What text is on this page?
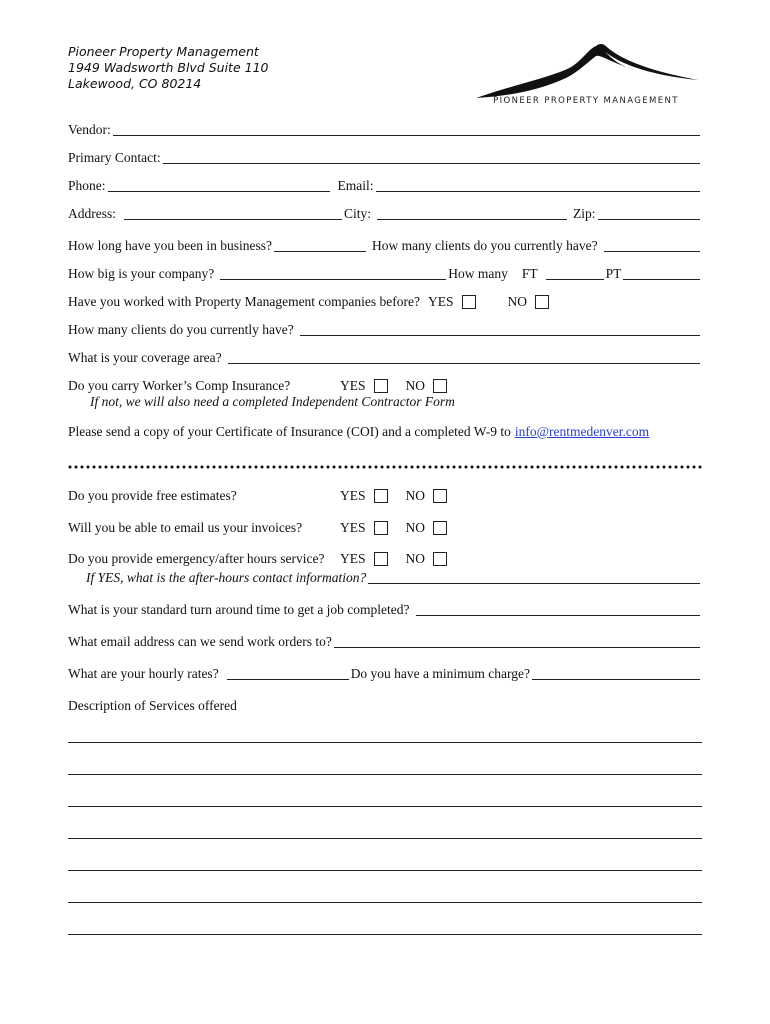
Pioneer Property Management
1949 Wadsworth Blvd Suite 110
Lakewood, CO 80214
PIONEER PROPERTY MANAGEMENT
Vendor:
Primary Contact:
Phone:	Email:
Address:	City:	Zip:
How long have you been in business?	How many clients do you currently have?
How big is your company?	How many FT	PT
Have you worked with Property Management companies before? YES	NO
How many clients do you currently have?
What is your coverage area?
Do you carry Worker’s Comp Insurance?	YES	NO
If not, we will also need a completed Independent Contractor Form
Please send a copy of your Certificate of Insurance (COI) and a completed W-9 to info@rentmedenver.com
Do you provide free estimates?	YES	NO
Will you be able to email us your invoices?	YES	NO
Do you provide emergency/after hours service?	YES	NO
If YES, what is the after-hours contact information?
What is your standard turn around time to get a job completed?
What email address can we send work orders to?
What are your hourly rates?	Do you have a minimum charge?
Description of Services offered
